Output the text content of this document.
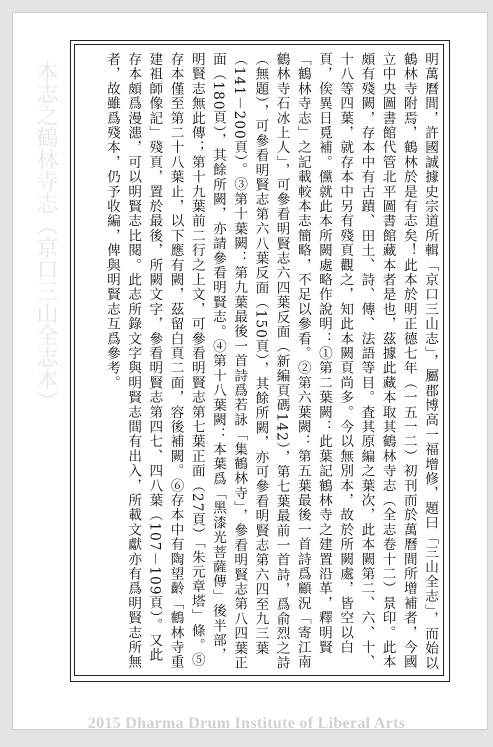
本志之鶴林寺志（京口三山全志本）	明萬曆間，許國誠據史宗道所輯「京口三山志」，屬郡博高一福增修，題曰「三山全志」，而始以鶴林寺附焉，鶴林於是有志矣！此本於明正德七年（一五一二）初刊而於萬曆間所增補者，今國立中央圖書館代管北平圖書館藏本者是也，茲據此藏本取其鶴林寺志（全志卷十二）景印。此本頗有殘闕，存本中有古蹟、田土、詩、傳、法語等目。査其原編之葉次，此本闕第二、六、十、十八等四葉，就存本中另有殘頁觀之，知此本闕頁尚多。今以無別本，故於所闕處，皆空以白頁，俟異日覓補。儻就此本所闕處略作說明：①第二葉闕：此葉記鶴林寺之建置沿革，釋明賢「鶴林寺志」之記載較本志簡略，不足以參看。②第六葉闕：第五葉最後一首詩爲顧況「寄江南鶴林寺石冰上人」，可參看明賢志六四葉反面（新編頁碼142），第七葉最前一首詩，爲俞烈之詩（無題），可參看明賢志第六八葉反面（150頁），其餘所闕，亦可參看明賢志第六四至九三葉（141－200頁）。③第十葉闕：第九葉最後一首詩爲若詠「集鶴林寺」，參看明賢志第八四葉正面（180頁），其餘所闕，亦請參看明賢志。④第十八葉闕：本葉爲「黑漆光菩薩傳」後半部，明賢志無此傳；第十九葉前二行之上文，可參看明賢志第七葉正面（27頁）「朱元章塔」條。⑤存本僅至第二十八葉止，以下應有闕，茲留白頁二面，容後補闕。⑥存本中有陶望齡「鶴林寺重建祖師像記」殘頁，置於最後，所闕文字，參看明賢志第四七、四八葉（107－109頁）。又此存本頗爲漫漶，可以明賢志比閱。此志所錄文字與明賢志間有出入，所載文獻亦有爲明賢志所無者，故雖爲殘本，仍予收編，俾與明賢志互爲參考。

2015 Dharma Drum Institute of Liberal Arts
